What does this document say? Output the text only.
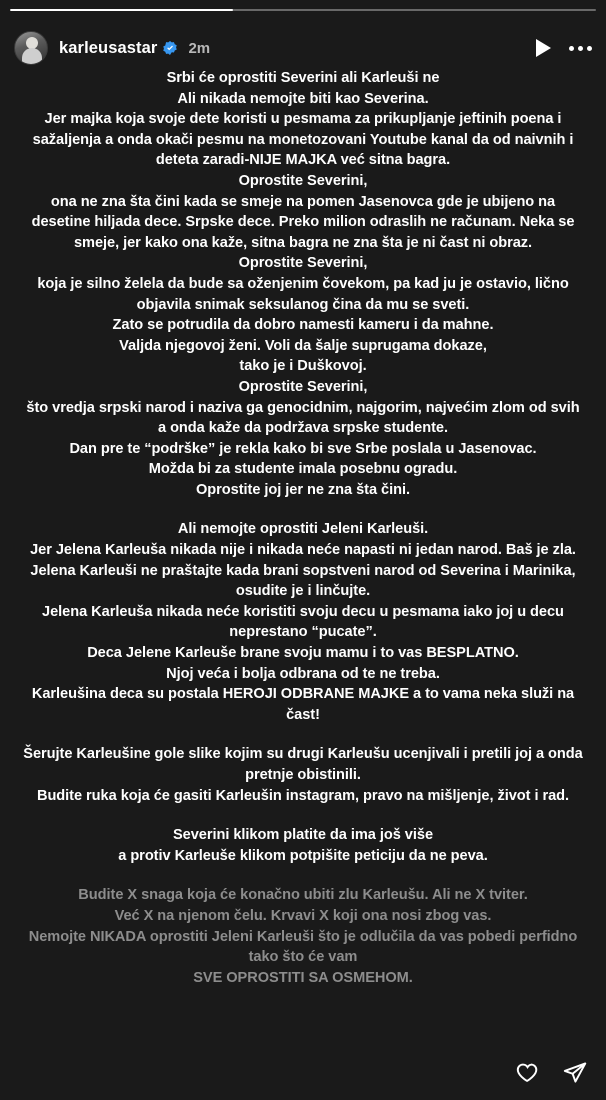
karleusastar 2m

Srbi će oprostiti Severini ali Karleuši ne

Ali nikada nemojte biti kao Severina.

Jer majka koja svoje dete koristi u pesmama za prikupljanje jeftinih poena i sažaljenja a onda okači pesmu na monetozovani Youtube kanal da od naivnih i deteta zaradi-NIJE MAJKA već sitna bagra.

Oprostite Severini,

ona ne zna šta čini kada se smeje na pomen Jasenovca gde je ubijeno na desetine hiljada dece. Srpske dece. Preko milion odraslih ne računam. Neka se smeje, jer kako ona kaže, sitna bagra ne zna šta je ni čast ni obraz.

Oprostite Severini,

koja je silno želela da bude sa oženjenim čovekom, pa kad ju je ostavio, lično objavila snimak seksulanog čina da mu se sveti.

Zato se potrudila da dobro namesti kameru i da mahne.

Valjda njegovoj ženi. Voli da šalje suprugama dokaze,

tako je i Duškovoj.

Oprostite Severini,

što vredja srpski narod i naziva ga genocidnim, najgorim, najvećim zlom od svih

a onda kaže da podržava srpske studente.

Dan pre te “podrške” je rekla kako bi sve Srbe poslala u Jasenovac.

Možda bi za studente imala posebnu ogradu.

Oprostite joj jer ne zna šta čini.

Ali nemojte oprostiti Jeleni Karleuši.

Jer Jelena Karleuša nikada nije i nikada neće napasti ni jedan narod. Baš je zla.

Jelena Karleuši ne praštajte kada brani sopstveni narod od Severina i Marinika, osudite je i linčujte.

Jelena Karleuša nikada neće koristiti svoju decu u pesmama iako joj u decu neprestano “pucate”.

Deca Jelene Karleuše brane svoju mamu i to vas BESPLATNO.

Njoj veća i bolja odbrana od te ne treba.

Karleušina deca su postala HEROJI ODBRANE MAJKE a to vama neka služi na čast!

Šerujte Karleušine gole slike kojim su drugi Karleušu ucenjivali i pretili joj a onda pretnje obistinili.

Budite ruka koja će gasiti Karleušin instagram, pravo na mišljenje, život i rad.

Severini klikom platite da ima još više

a protiv Karleuše klikom potpišite peticiju da ne peva.

Budite X snaga koja će konačno ubiti zlu Karleušu. Ali ne X tviter.

Već X na njenom čelu. Krvavi X koji ona nosi zbog vas.

Nemojte NIKADA oprostiti Jeleni Karleuši što je odlučila da vas pobedi perfidno tako što će vam

SVE OPROSTITI SA OSMEHOM.
